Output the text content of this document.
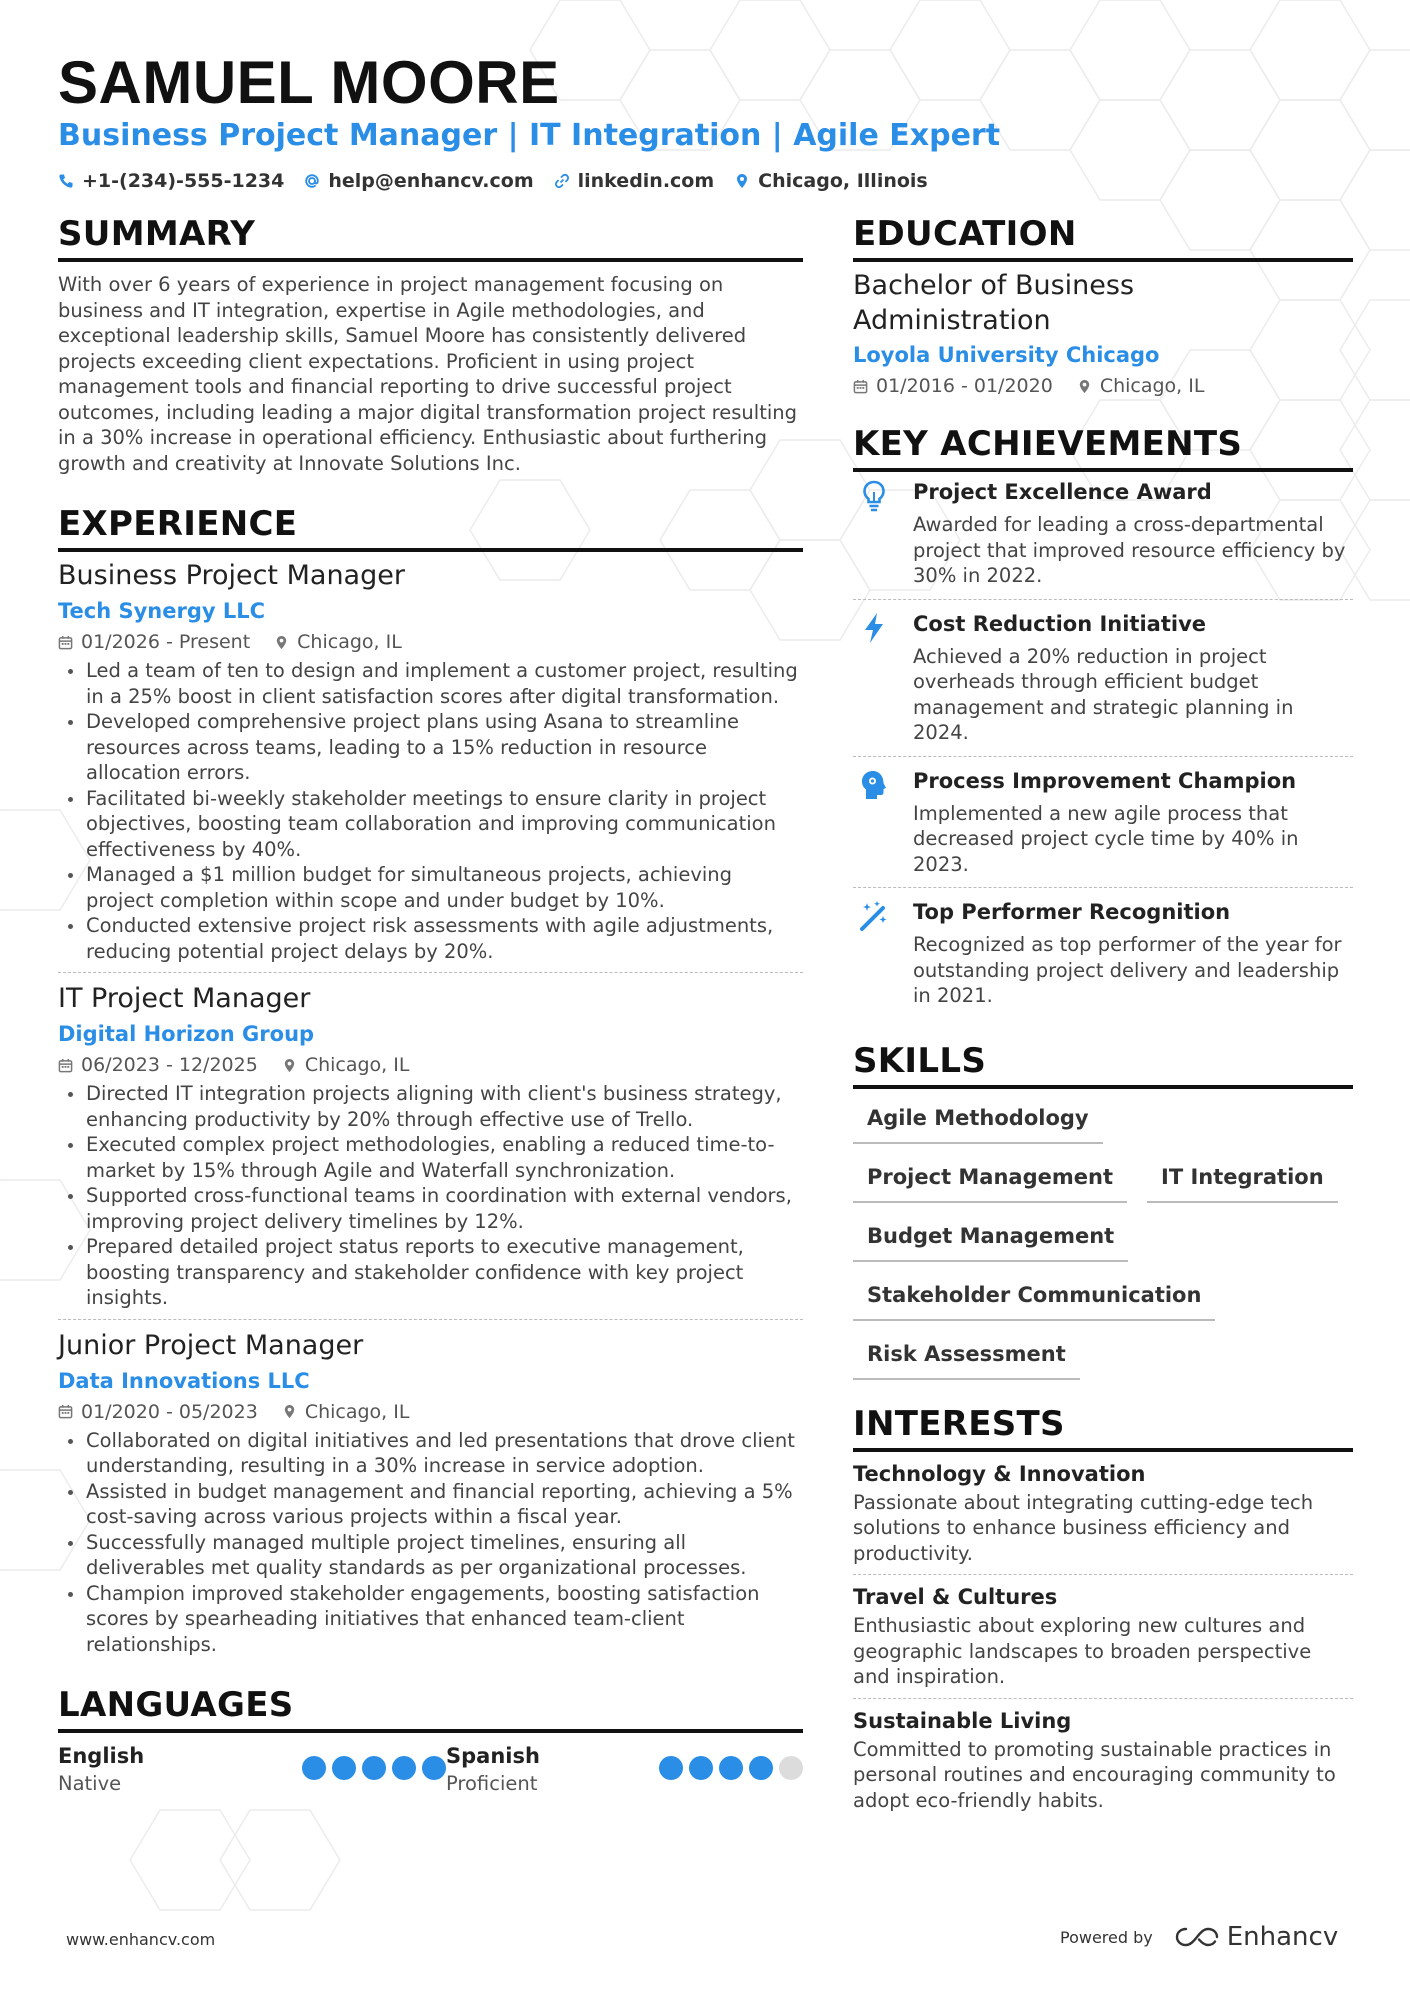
SAMUEL MOORE
Business Project Manager | IT Integration | Agile Expert
+1-(234)-555-1234 help@enhancv.com linkedin.com Chicago, Illinois
SUMMARY

With over 6 years of experience in project management focusing on business and IT integration, expertise in Agile methodologies, and exceptional leadership skills, Samuel Moore has consistently delivered projects exceeding client expectations. Proficient in using project management tools and financial reporting to drive successful project outcomes, including leading a major digital transformation project resulting in a 30% increase in operational efficiency. Enthusiastic about furthering growth and creativity at Innovate Solutions Inc.

EXPERIENCE
Business Project Manager
Tech Synergy LLC
01/2026 - Present Chicago, IL
Led a team of ten to design and implement a customer project, resulting in a 25% boost in client satisfaction scores after digital transformation.
Developed comprehensive project plans using Asana to streamline resources across teams, leading to a 15% reduction in resource allocation errors.
Facilitated bi-weekly stakeholder meetings to ensure clarity in project objectives, boosting team collaboration and improving communication effectiveness by 40%.
Managed a $1 million budget for simultaneous projects, achieving project completion within scope and under budget by 10%.
Conducted extensive project risk assessments with agile adjustments, reducing potential project delays by 20%.
IT Project Manager
Digital Horizon Group
06/2023 - 12/2025 Chicago, IL
Directed IT integration projects aligning with client's business strategy, enhancing productivity by 20% through effective use of Trello.
Executed complex project methodologies, enabling a reduced time-to-market by 15% through Agile and Waterfall synchronization.
Supported cross-functional teams in coordination with external vendors, improving project delivery timelines by 12%.
Prepared detailed project status reports to executive management, boosting transparency and stakeholder confidence with key project insights.
Junior Project Manager
Data Innovations LLC
01/2020 - 05/2023 Chicago, IL
Collaborated on digital initiatives and led presentations that drove client understanding, resulting in a 30% increase in service adoption.
Assisted in budget management and financial reporting, achieving a 5% cost-saving across various projects within a fiscal year.
Successfully managed multiple project timelines, ensuring all deliverables met quality standards as per organizational processes.
Champion improved stakeholder engagements, boosting satisfaction scores by spearheading initiatives that enhanced team-client relationships.
LANGUAGES
English
Native
Spanish
Proficient
EDUCATION
Bachelor of Business Administration
Loyola University Chicago
01/2016 - 01/2020 Chicago, IL
KEY ACHIEVEMENTS
Project Excellence Award
Awarded for leading a cross-departmental project that improved resource efficiency by 30% in 2022.
Cost Reduction Initiative
Achieved a 20% reduction in project overheads through efficient budget management and strategic planning in 2024.
Process Improvement Champion
Implemented a new agile process that decreased project cycle time by 40% in 2023.
Top Performer Recognition
Recognized as top performer of the year for outstanding project delivery and leadership in 2021.
SKILLS
Agile Methodology
Project Management	IT Integration
Budget Management
Stakeholder Communication
Risk Assessment
INTERESTS
Technology & Innovation
Passionate about integrating cutting-edge tech solutions to enhance business efficiency and productivity.
Travel & Cultures
Enthusiastic about exploring new cultures and geographic landscapes to broaden perspective and inspiration.
Sustainable Living
Committed to promoting sustainable practices in personal routines and encouraging community to adopt eco-friendly habits.
www.enhancv.com	Powered by	Enhancv
